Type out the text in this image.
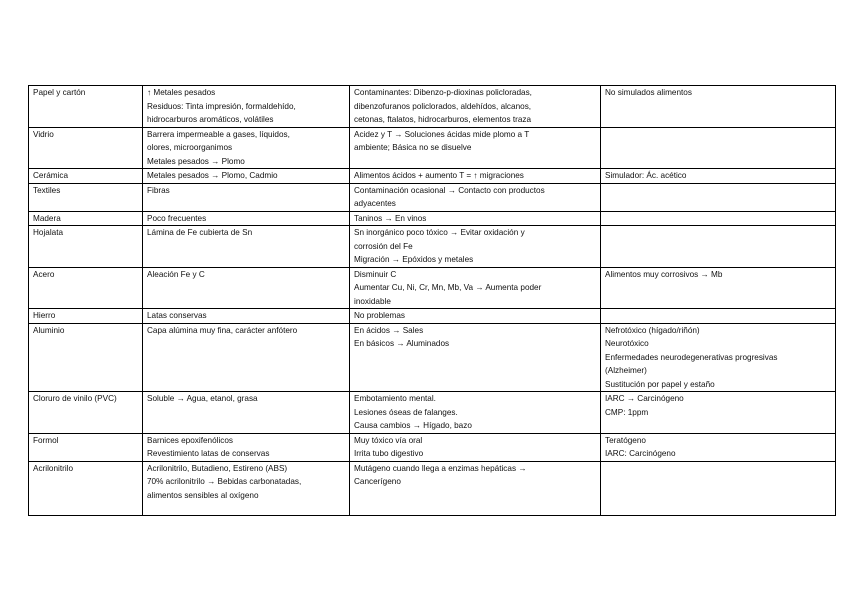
Papel y cartón	↑ Metales pesados
Residuos: Tinta impresión, formaldehído,
hidrocarburos aromáticos, volátiles	Contaminantes: Dibenzo-p-dioxinas policloradas,
dibenzofuranos policlorados, aldehídos, alcanos,
cetonas, ftalatos, hidrocarburos, elementos traza	No simulados alimentos

Vidrio	Barrera impermeable a gases, líquidos,
olores, microorganimos
Metales pesados → Plomo	Acidez y T → Soluciones ácidas mide plomo a T
ambiente; Básica no se disuelve	

Cerámica	Metales pesados → Plomo, Cadmio	Alimentos ácidos + aumento T = ↑ migraciones	Simulador: Ác. acético

Textiles	Fibras	Contaminación ocasional → Contacto con productos
adyacentes	

Madera	Poco frecuentes	Taninos → En vinos	

Hojalata	Lámina de Fe cubierta de Sn	Sn inorgánico poco tóxico → Evitar oxidación y
corrosión del Fe
Migración → Epóxidos y metales	

Acero	Aleación Fe y C	Disminuir C
Aumentar Cu, Ni, Cr, Mn, Mb, Va → Aumenta poder
inoxidable	Alimentos muy corrosivos → Mb

Hierro	Latas conservas	No problemas	

Aluminio	Capa alúmina muy fina, carácter anfótero	En ácidos → Sales
En básicos → Aluminados	Nefrotóxico (hígado/riñón)
Neurotóxico
Enfermedades neurodegenerativas progresivas
(Alzheimer)
Sustitución por papel y estaño

Cloruro de vinilo (PVC)	Soluble → Agua, etanol, grasa	Embotamiento mental.
Lesiones óseas de falanges.
Causa cambios → Hígado, bazo	IARC → Carcinógeno
CMP: 1ppm

Formol	Barnices epoxifenólicos
Revestimiento latas de conservas	Muy tóxico vía oral
Irrita tubo digestivo	Teratógeno
IARC: Carcinógeno

Acrilonitrilo	Acrilonitrilo, Butadieno, Estireno (ABS)
70% acrilonitrilo → Bebidas carbonatadas,
alimentos sensibles al oxígeno	Mutágeno cuando llega a enzimas hepáticas →
Cancerígeno	
